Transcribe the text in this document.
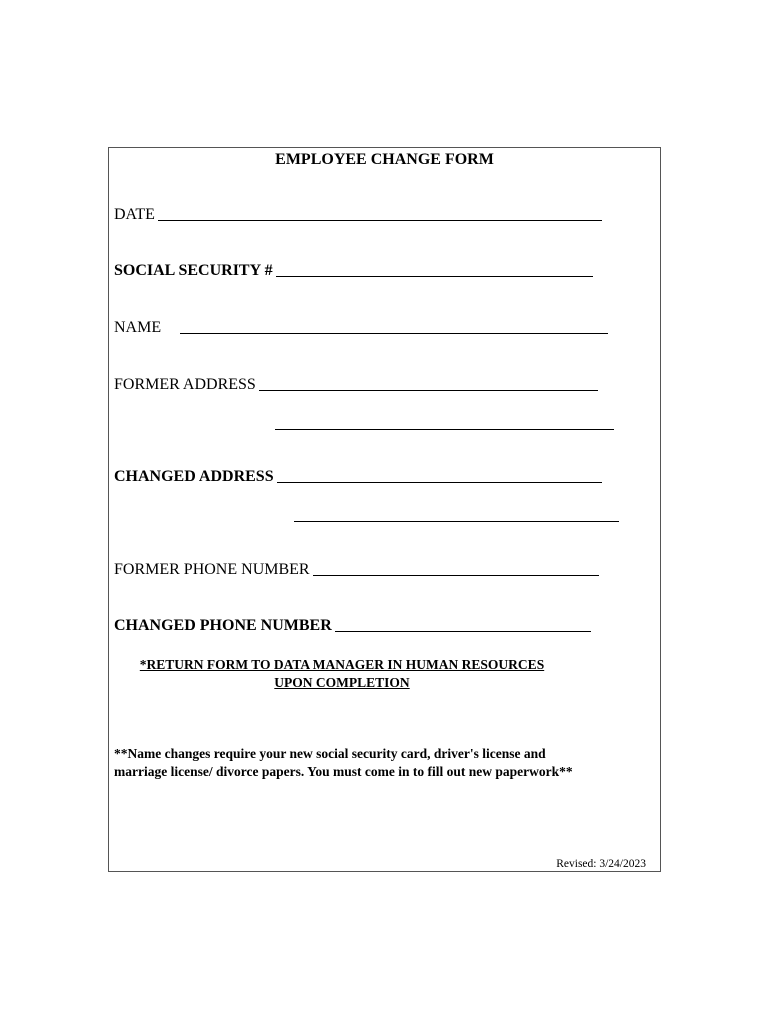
EMPLOYEE CHANGE FORM
DATE
SOCIAL SECURITY #
NAME
FORMER ADDRESS
CHANGED ADDRESS
FORMER PHONE NUMBER
CHANGED PHONE NUMBER
*RETURN FORM TO DATA MANAGER IN HUMAN RESOURCES
UPON COMPLETION
**Name changes require your new social security card, driver's license and
marriage license/ divorce papers. You must come in to fill out new paperwork**
Revised: 3/24/2023
